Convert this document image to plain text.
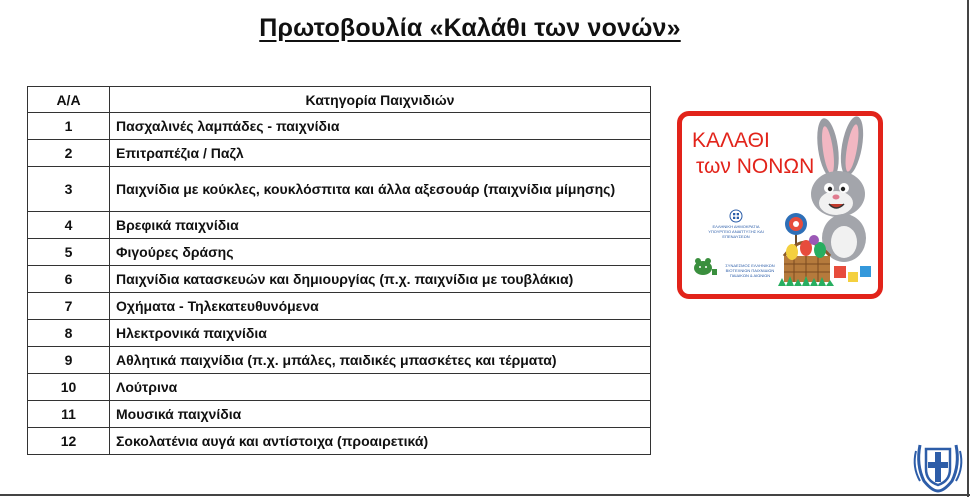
Πρωτοβουλία «Καλάθι των νονών»
Α/Α	Κατηγορία Παιχνιδιών
1	Πασχαλινές λαμπάδες - παιχνίδια
2	Επιτραπέζια / Παζλ
3	Παιχνίδια με κούκλες, κουκλόσπιτα και άλλα αξεσουάρ (παιχνίδια μίμησης)
4	Βρεφικά παιχνίδια
5	Φιγούρες δράσης
6	Παιχνίδια κατασκευών και δημιουργίας (π.χ. παιχνίδια με τουβλάκια)
7	Οχήματα - Τηλεκατευθυνόμενα
8	Ηλεκτρονικά παιχνίδια
9	Αθλητικά παιχνίδια (π.χ. μπάλες, παιδικές μπασκέτες και τέρματα)
10	Λούτρινα
11	Μουσικά παιχνίδια
12	Σοκολατένια αυγά και αντίστοιχα (προαιρετικά)
ΚΑΛΑΘΙ
των ΝΟΝΩΝ
ΕΛΛΗΝΙΚΗ ΔΗΜΟΚΡΑΤΙΑ ΥΠΟΥΡΓΕΙΟ ΑΝΑΠΤΥΞΗΣ ΚΑΙ ΕΠΕΝΔΥΣΕΩΝ
ΣΥΝΔΕΣΜΟΣ ΕΛΛΗΝΙΚΩΝ ΒΙΟΤΕΧΝΙΩΝ ΠΑΙΧΝΙΔΙΩΝ ΠΑΙΔΙΚΩΝ & ΑΙΩΝΙΩΝ
